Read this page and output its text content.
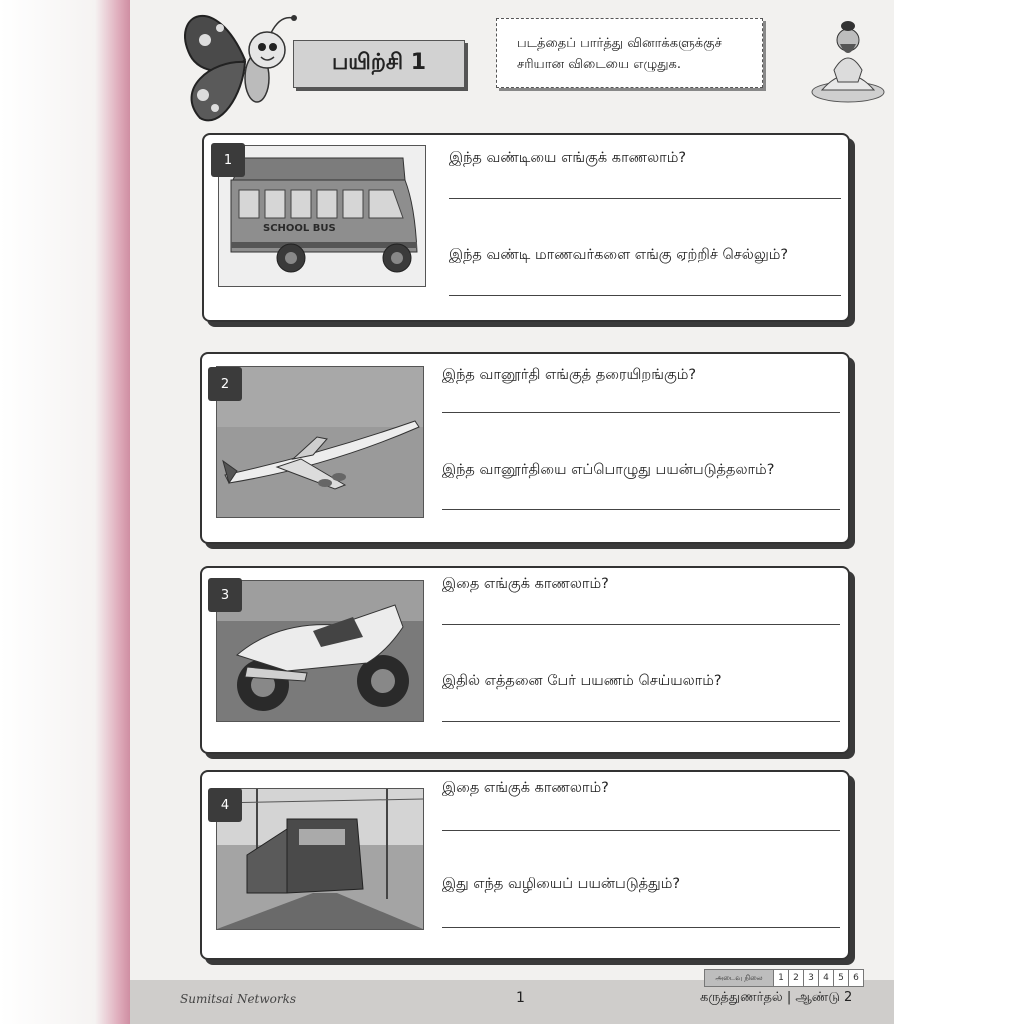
பயிற்சி 1
படத்தைப் பார்த்து வினாக்களுக்குச்
சரியான விடையை எழுதுக.
SCHOOL BUS
1	இந்த வண்டியை எங்குக் காணலாம்?
இந்த வண்டி மாணவர்களை எங்கு ஏற்றிச் செல்லும்?
2
இந்த வானூர்தி எங்குத் தரையிறங்கும்?
இந்த வானூர்தியை எப்பொழுது பயன்படுத்தலாம்?
3
இதை எங்குக் காணலாம்?
இதில் எத்தனை பேர் பயணம் செய்யலாம்?
4
இதை எங்குக் காணலாம்?
இது எந்த வழியைப் பயன்படுத்தும்?
அடைவு நிலை	1	2	3	4	5	6
Sumitsai Networks	1	கருத்துணர்தல் | ஆண்டு 2
